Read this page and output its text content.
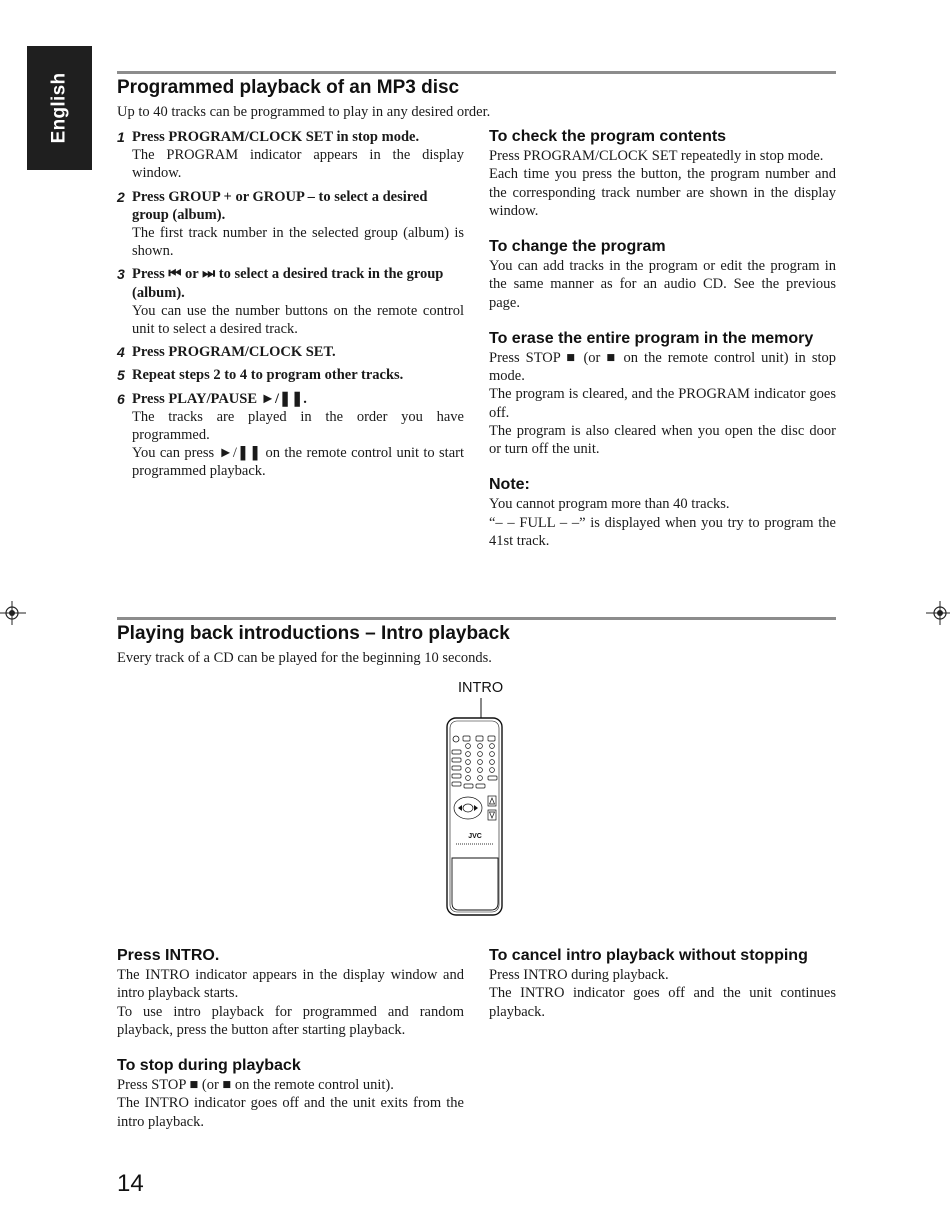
English	Programmed playback of an MP3 disc

Up to 40 tracks can be programmed to play in any desired order.

1 Press PROGRAM/CLOCK SET in stop mode.
The PROGRAM indicator appears in the display window.
2 Press GROUP + or GROUP – to select a desired group (album).
The first track number in the selected group (album) is shown.
3 Press ⏮ or ⏭ to select a desired track in the group (album).
You can use the number buttons on the remote control unit to select a desired track.
4 Press PROGRAM/CLOCK SET.
5 Repeat steps 2 to 4 to program other tracks.
6 Press PLAY/PAUSE ►/❚❚.
The tracks are played in the order you have programmed.
You can press ►/❚❚ on the remote control unit to start programmed playback.
To check the program contents

Press PROGRAM/CLOCK SET repeatedly in stop mode.

Each time you press the button, the program number and the corresponding track number are shown in the display window.

To change the program

You can add tracks in the program or edit the program in the same manner as for an audio CD. See the previous page.

To erase the entire program in the memory

Press STOP ■ (or ■ on the remote control unit) in stop mode.

The program is cleared, and the PROGRAM indicator goes off.

The program is also cleared when you open the disc door or turn off the unit.

Note:

You cannot program more than 40 tracks.

“– – FULL – –” is displayed when you try to program the 41st track.

Playing back introductions – Intro playback

Every track of a CD can be played for the beginning 10 seconds.

INTRO
JVC
Press INTRO.

The INTRO indicator appears in the display window and intro playback starts.

To use intro playback for programmed and random playback, press the button after starting playback.

To stop during playback

Press STOP ■ (or ■ on the remote control unit).

The INTRO indicator goes off and the unit exits from the intro playback.

To cancel intro playback without stopping

Press INTRO during playback.

The INTRO indicator goes off and the unit continues playback.

14
